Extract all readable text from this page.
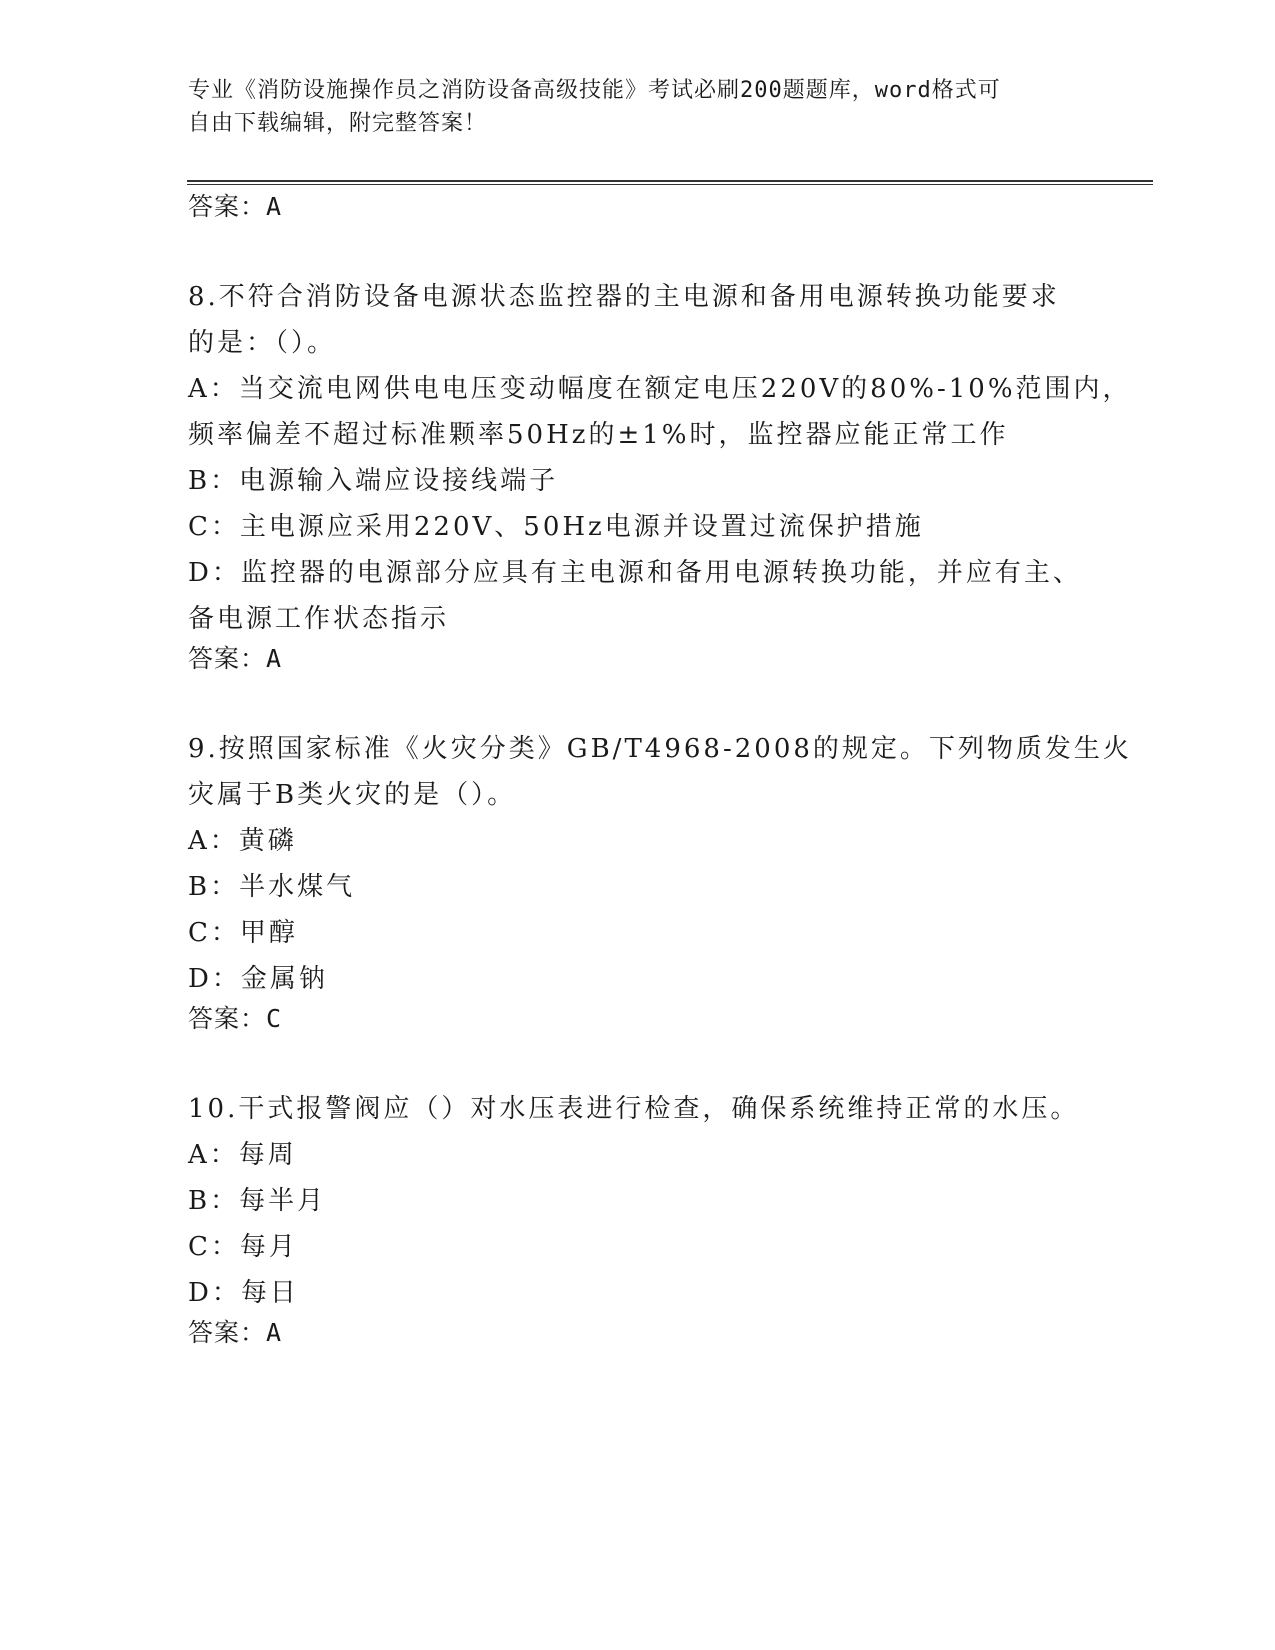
专业《消防设施操作员之消防设备高级技能》考试必刷200题题库，word格式可
自由下载编辑，附完整答案！
答案：A
8.不符合消防设备电源状态监控器的主电源和备用电源转换功能要求
的是：（）。
A：当交流电网供电电压变动幅度在额定电压220V的80%-10%范围内，
频率偏差不超过标准颗率50Hz的±1%时，监控器应能正常工作
B：电源输入端应设接线端子
C：主电源应采用220V、50Hz电源并设置过流保护措施
D：监控器的电源部分应具有主电源和备用电源转换功能，并应有主、
备电源工作状态指示
答案：A
9.按照国家标准《火灾分类》GB/T4968-2008的规定。下列物质发生火
灾属于B类火灾的是（）。
A：黄磷
B：半水煤气
C：甲醇
D：金属钠
答案：C
10.干式报警阀应（）对水压表进行检查，确保系统维持正常的水压。
A：每周
B：每半月
C：每月
D：每日
答案：A
